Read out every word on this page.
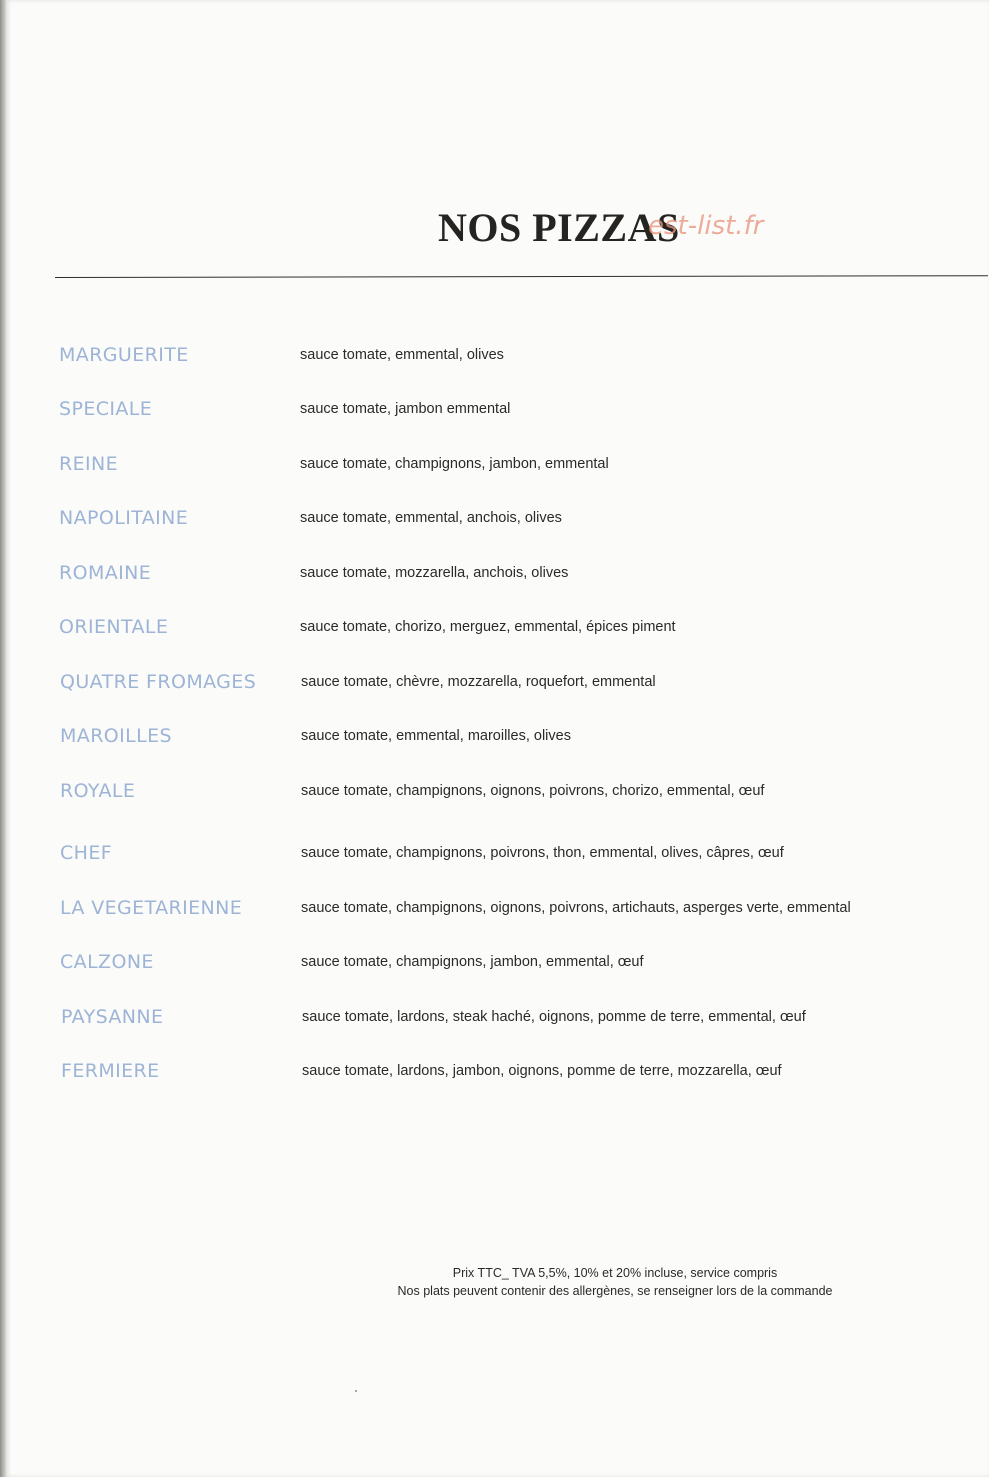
NOS PIZZAS
est-list.fr
MARGUERITE	sauce tomate, emmental, olives
SPECIALE	sauce tomate, jambon emmental
REINE	sauce tomate, champignons, jambon, emmental
NAPOLITAINE	sauce tomate, emmental, anchois, olives
ROMAINE	sauce tomate, mozzarella, anchois, olives
ORIENTALE	sauce tomate, chorizo, merguez, emmental, épices piment
QUATRE FROMAGES	sauce tomate, chèvre, mozzarella, roquefort, emmental
MAROILLES	sauce tomate, emmental, maroilles, olives
ROYALE	sauce tomate, champignons, oignons, poivrons, chorizo, emmental, œuf
CHEF	sauce tomate, champignons, poivrons, thon, emmental, olives, câpres, œuf
LA VEGETARIENNE	sauce tomate, champignons, oignons, poivrons, artichauts, asperges verte, emmental
CALZONE	sauce tomate, champignons, jambon, emmental, œuf
PAYSANNE	sauce tomate, lardons, steak haché, oignons, pomme de terre, emmental, œuf
FERMIERE	sauce tomate, lardons, jambon, oignons, pomme de terre, mozzarella, œuf
Prix TTC_ TVA 5,5%, 10% et 20% incluse, service compris
Nos plats peuvent contenir des allergènes, se renseigner lors de la commande
